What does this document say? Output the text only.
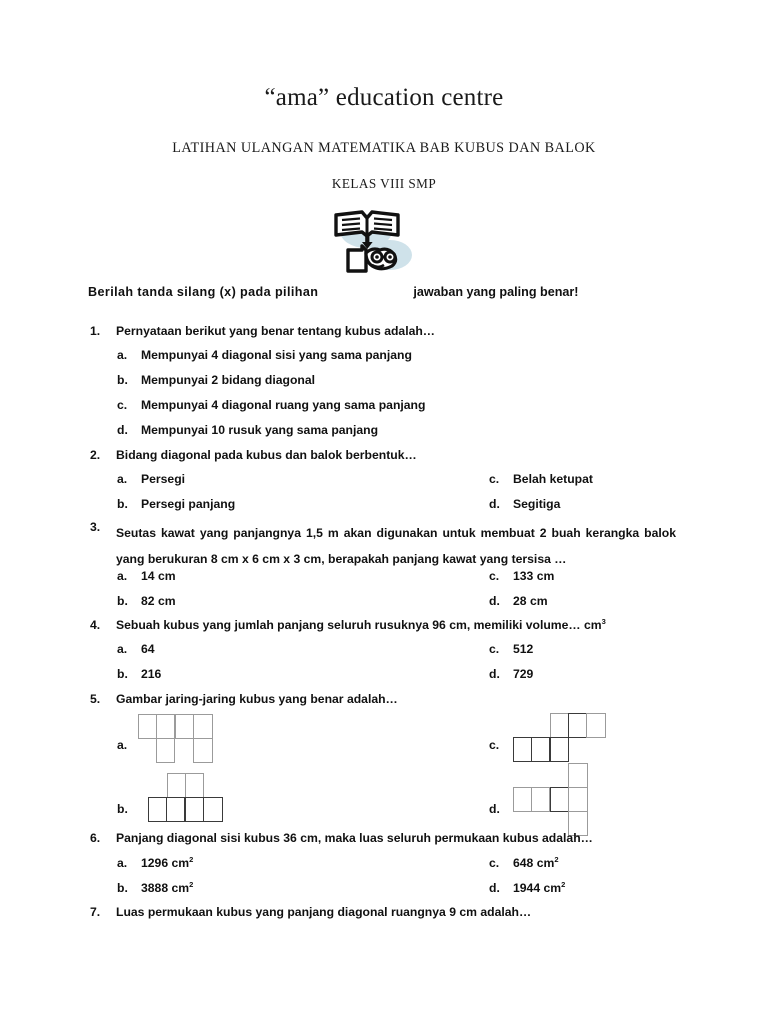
“ama” education centre
LATIHAN ULANGAN MATEMATIKA BAB KUBUS DAN BALOK
KELAS VIII SMP
Berilah tanda silang (x) pada pilihan	jawaban yang paling benar!
1.	Pernyataan berikut yang benar tentang kubus adalah…
a. Mempunyai 4 diagonal sisi yang sama panjang
b. Mempunyai 2 bidang diagonal
c. Mempunyai 4 diagonal ruang yang sama panjang
d. Mempunyai 10 rusuk yang sama panjang
2.	Bidang diagonal pada kubus dan balok berbentuk…
a. Persegi	c. Belah ketupat
b. Persegi panjang	d. Segitiga
3.	Seutas kawat yang panjangnya 1,5 m akan digunakan untuk membuat 2 buah kerangka balok
yang berukuran 8 cm x 6 cm x 3 cm, berapakah panjang kawat yang tersisa …
a. 14 cm	c. 133 cm
b. 82 cm	d. 28 cm
4.	Sebuah kubus yang jumlah panjang seluruh rusuknya 96 cm, memiliki volume… $cm^3$
a. 64	c. 512
b. 216	d. 729
5.	Gambar jaring-jaring kubus yang benar adalah…
a.
b.
c.
d.
6.	Panjang diagonal sisi kubus 36 cm, maka luas seluruh permukaan kubus adalah…
a. 1296 $cm^2$	c. 648 $cm^2$
b. 3888 $cm^2$	d. 1944 $cm^2$
7.	Luas permukaan kubus yang panjang diagonal ruangnya 9 cm adalah…
